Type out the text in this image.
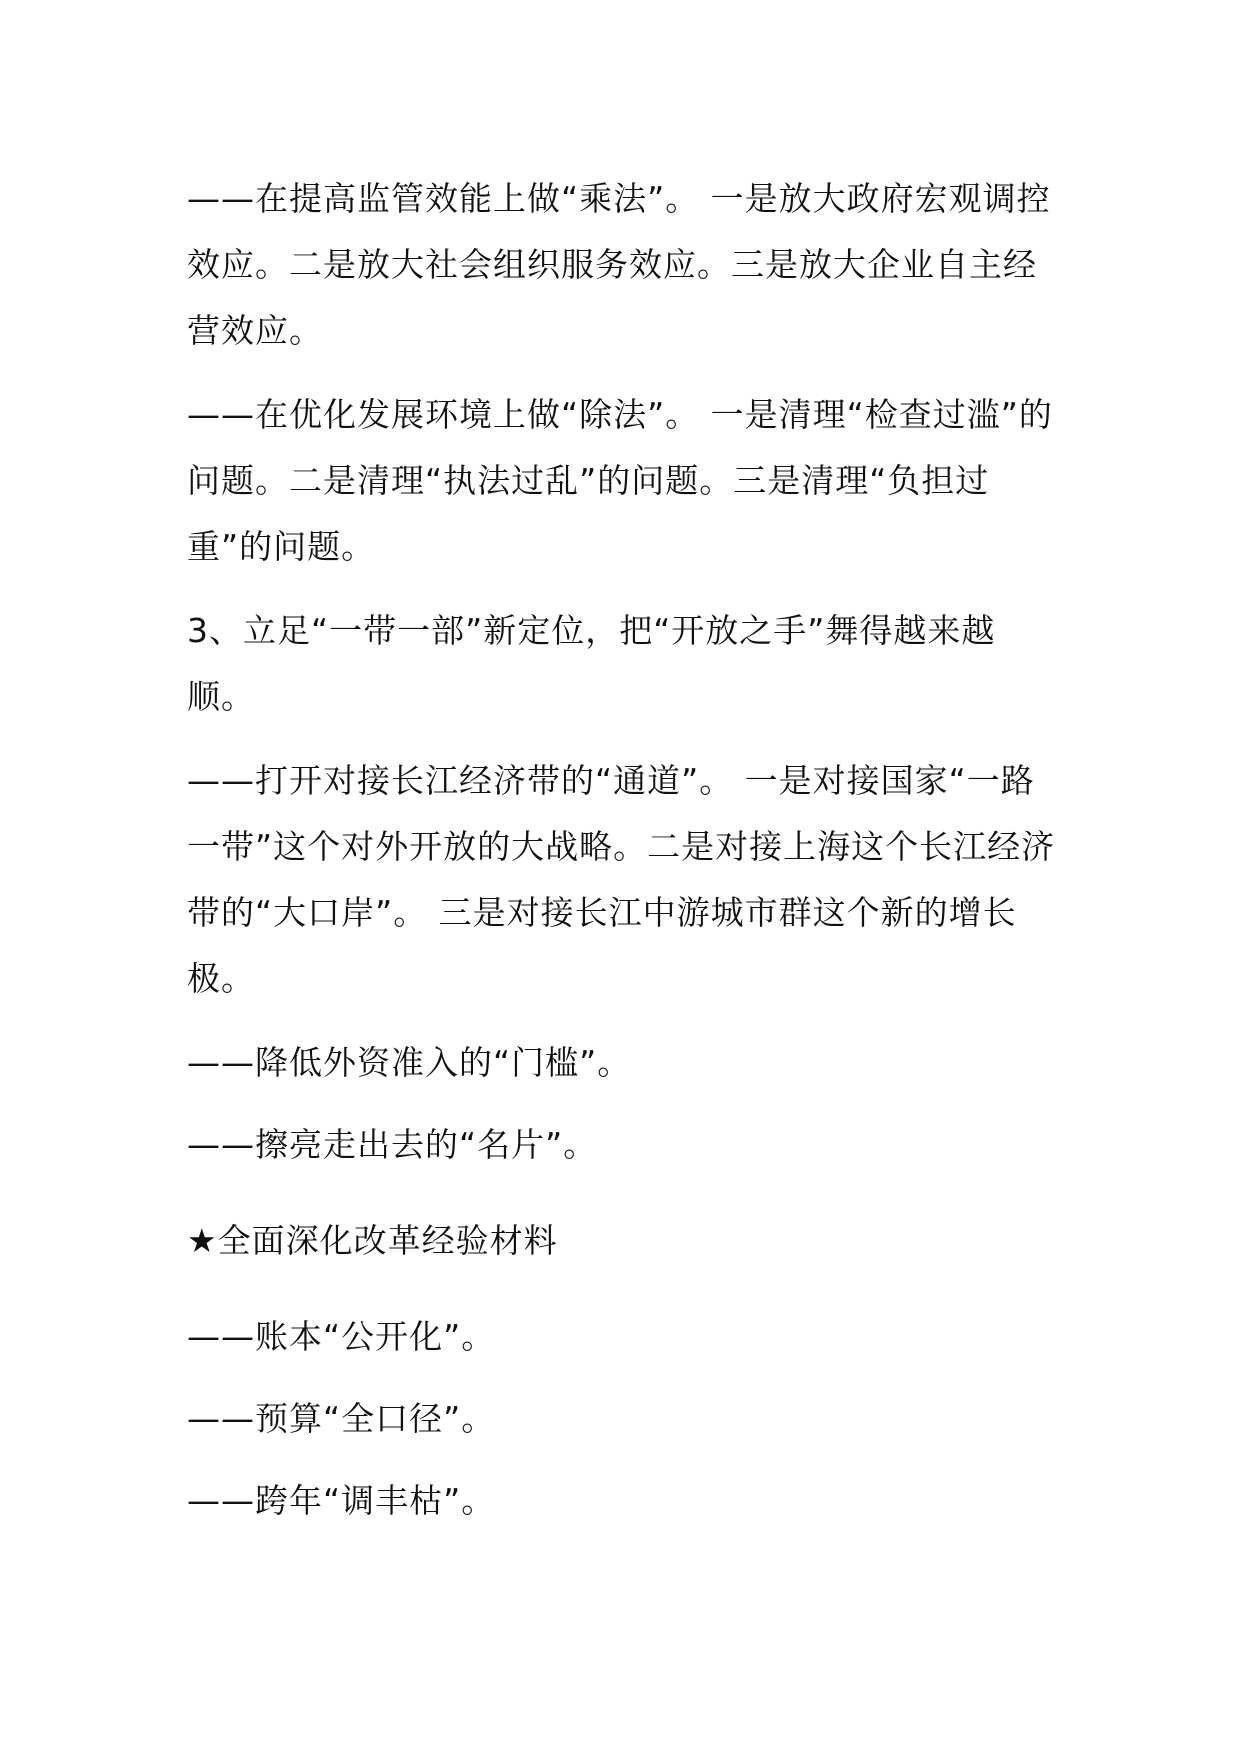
——在提高监管效能上做“乘法”。 一是放大政府宏观调控效应。二是放大社会组织服务效应。三是放大企业自主经营效应。

——在优化发展环境上做“除法”。 一是清理“检查过滥”的问题。二是清理“执法过乱”的问题。三是清理“负担过重”的问题。

3、立足“一带一部”新定位，把“开放之手”舞得越来越顺。

——打开对接长江经济带的“通道”。 一是对接国家“一路一带”这个对外开放的大战略。二是对接上海这个长江经济带的“大口岸”。 三是对接长江中游城市群这个新的增长极。

——降低外资准入的“门槛”。

——擦亮走出去的“名片”。

★全面深化改革经验材料

——账本“公开化”。

——预算“全口径”。

——跨年“调丰枯”。
